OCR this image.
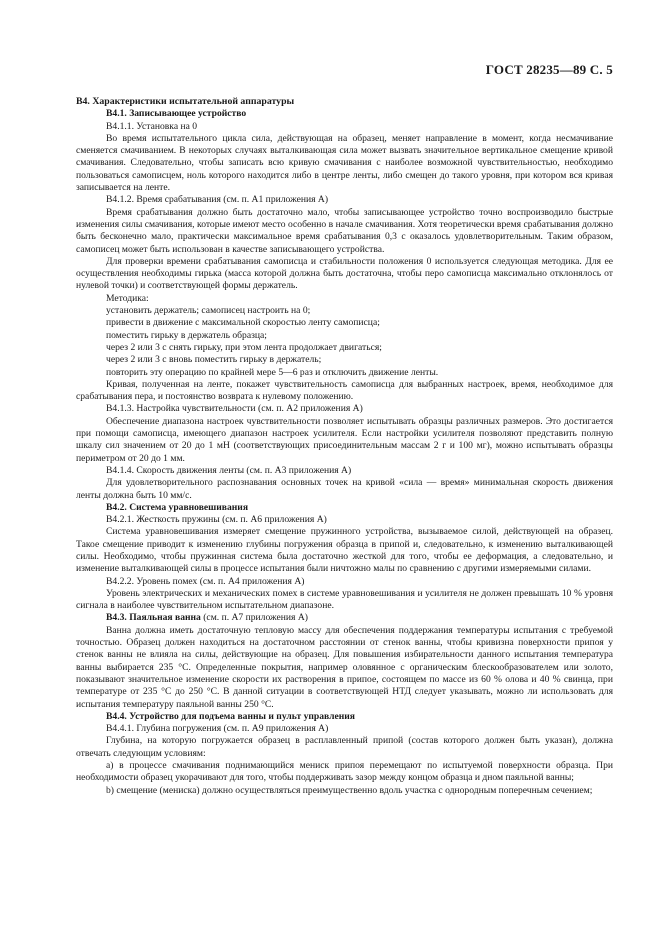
ГОСТ 28235—89 С. 5

В4. Характеристики испытательной аппаратуры

В4.1. Записывающее устройство

В4.1.1. Установка на 0

Во время испытательного цикла сила, действующая на образец, меняет направление в момент, когда несмачивание сменяется смачиванием. В некоторых случаях выталкивающая сила может вызвать значительное вертикальное смещение кривой смачивания. Следовательно, чтобы записать всю кривую смачивания с наиболее возможной чувствительностью, необходимо пользоваться самописцем, ноль которого находится либо в центре ленты, либо смещен до такого уровня, при котором вся кривая записывается на ленте.

В4.1.2. Время срабатывания (см. п. А1 приложения А)

Время срабатывания должно быть достаточно мало, чтобы записывающее устройство точно воспроизводило быстрые изменения силы смачивания, которые имеют место особенно в начале смачивания. Хотя теоретически время срабатывания должно быть бесконечно мало, практически максимальное время срабатывания 0,3 с оказалось удовлетворительным. Таким образом, самописец может быть использован в качестве записывающего устройства.

Для проверки времени срабатывания самописца и стабильности положения 0 используется следующая методика. Для ее осуществления необходимы гирька (масса которой должна быть достаточна, чтобы перо самописца максимально отклонялось от нулевой точки) и соответствующей формы держатель.

Методика:

установить держатель; самописец настроить на 0;

привести в движение с максимальной скоростью ленту самописца;

поместить гирьку в держатель образца;

через 2 или 3 с снять гирьку, при этом лента продолжает двигаться;

через 2 или 3 с вновь поместить гирьку в держатель;

повторить эту операцию по крайней мере 5—6 раз и отключить движение ленты.

Кривая, полученная на ленте, покажет чувствительность самописца для выбранных настроек, время, необходимое для срабатывания пера, и постоянство возврата к нулевому положению.

В4.1.3. Настройка чувствительности (см. п. А2 приложения А)

Обеспечение диапазона настроек чувствительности позволяет испытывать образцы различных размеров. Это достигается при помощи самописца, имеющего диапазон настроек усилителя. Если настройки усилителя позволяют представить полную шкалу сил значением от 20 до 1 мН (соответствующих присоединительным массам 2 г и 100 мг), можно испытывать образцы периметром от 20 до 1 мм.

В4.1.4. Скорость движения ленты (см. п. А3 приложения А)

Для удовлетворительного распознавания основных точек на кривой «сила — время» минимальная скорость движения ленты должна быть 10 мм/с.

В4.2. Система уравновешивания

В4.2.1. Жесткость пружины (см. п. А6 приложения А)

Система уравновешивания измеряет смещение пружинного устройства, вызываемое силой, действующей на образец. Такое смещение приводит к изменению глубины погружения образца в припой и, следовательно, к изменению выталкивающей силы. Необходимо, чтобы пружинная система была достаточно жесткой для того, чтобы ее деформация, а следовательно, и изменение выталкивающей силы в процессе испытания были ничтожно малы по сравнению с другими измеряемыми силами.

В4.2.2. Уровень помех (см. п. А4 приложения А)

Уровень электрических и механических помех в системе уравновешивания и усилителя не должен превышать 10 % уровня сигнала в наиболее чувствительном испытательном диапазоне.

В4.3. Паяльная ванна (см. п. А7 приложения А)

Ванна должна иметь достаточную тепловую массу для обеспечения поддержания температуры испытания с требуемой точностью. Образец должен находиться на достаточном расстоянии от стенок ванны, чтобы кривизна поверхности припоя у стенок ванны не влияла на силы, действующие на образец. Для повышения избирательности данного испытания температура ванны выбирается 235 °С. Определенные покрытия, например оловянное с органическим блескообразователем или золото, показывают значительное изменение скорости их растворения в припое, состоящем по массе из 60 % олова и 40 % свинца, при температуре от 235 °С до 250 °С. В данной ситуации в соответствующей НТД следует указывать, можно ли использовать для испытания температуру паяльной ванны 250 °С.

В4.4. Устройство для подъема ванны и пульт управления

В4.4.1. Глубина погружения (см. п. А9 приложения А)

Глубина, на которую погружается образец в расплавленный припой (состав которого должен быть указан), должна отвечать следующим условиям:

а) в процессе смачивания поднимающийся мениск припоя перемещают по испытуемой поверхности образца. При необходимости образец укорачивают для того, чтобы поддерживать зазор между концом образца и дном паяльной ванны;

b) смещение (мениска) должно осуществляться преимущественно вдоль участка с однородным поперечным сечением;
